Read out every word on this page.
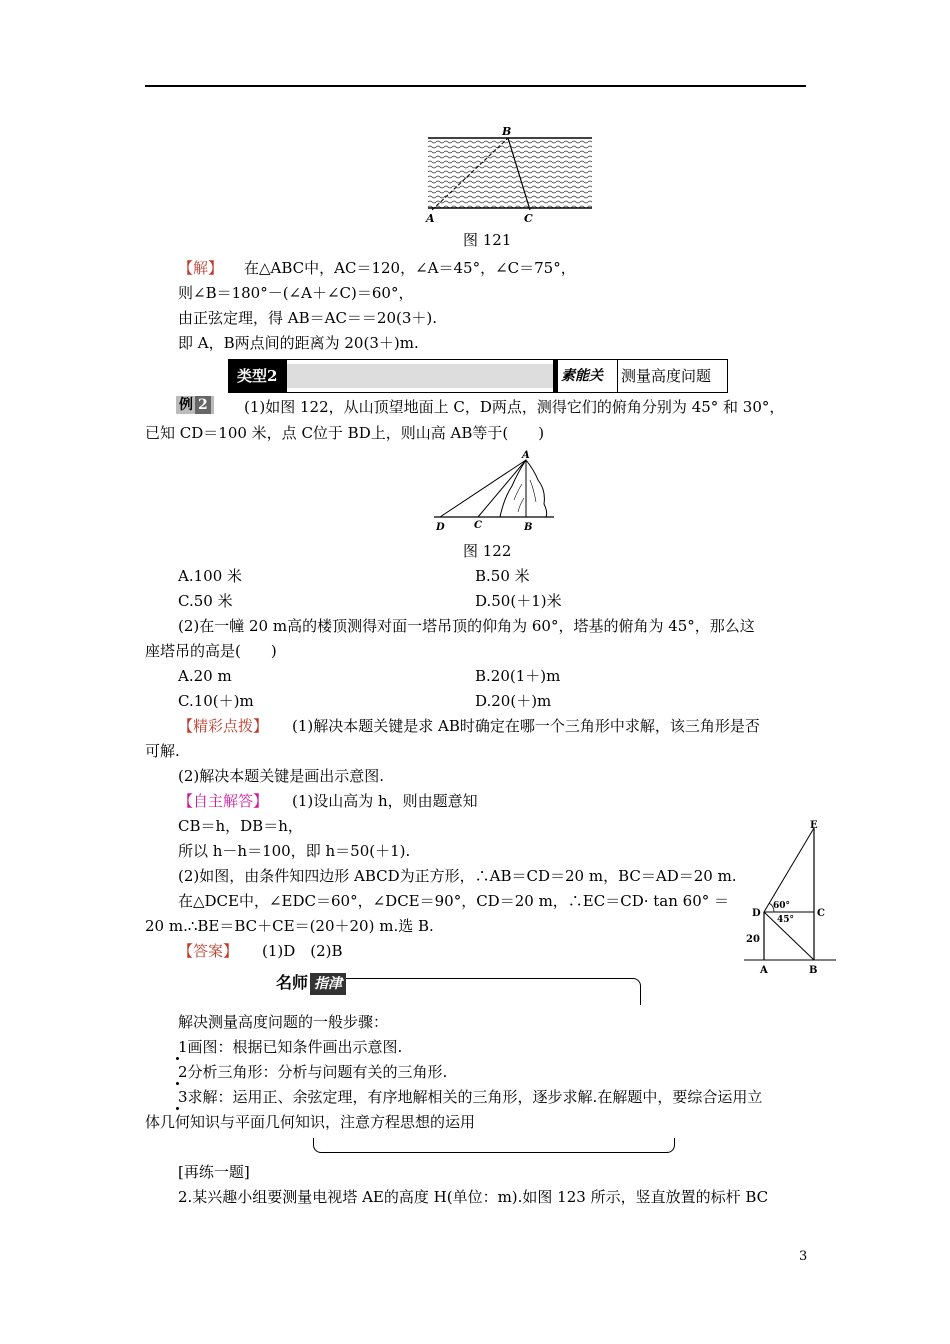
B
A	C
图 121
【解】 在△ABC中，AC＝120，∠A＝45°，∠C＝75°，
则∠B＝180°－(∠A＋∠C)＝60°，
由正弦定理，得 AB＝AC＝＝20(3＋).
即 A，B两点间的距离为 20(3＋)m.
类型2	素能关	测量高度问题
例 2	(1)如图 122，从山顶望地面上 C，D两点，测得它们的俯角分别为 45° 和 30°，
已知 CD＝100 米，点 C位于 BD上，则山高 AB等于(　　)
A
D	C	B
图 122
A.100 米	B.50 米
C.50 米	D.50(＋1)米
(2)在一幢 20 m高的楼顶测得对面一塔吊顶的仰角为 60°，塔基的俯角为 45°，那么这
座塔吊的高是(　　)
A.20 m	B.20(1＋)m
C.10(＋)m	D.20(＋)m
【精彩点拨】 (1)解决本题关键是求 AB时确定在哪一个三角形中求解，该三角形是否
可解.
(2)解决本题关键是画出示意图.
【自主解答】 (1)设山高为 h，则由题意知
CB＝h，DB＝h，
所以 h－h＝100，即 h＝50(＋1).
(2)如图，由条件知四边形 ABCD为正方形，∴AB＝CD＝20 m，BC＝AD＝20 m.
在△DCE中，∠EDC＝60°，∠DCE＝90°，CD＝20 m，∴EC＝CD· tan 60° ＝
20 m.∴BE＝BC＋CE＝(20＋20) m.选 B.
E
D	C
A	B
60°
45°
20
【答案】 (1)D　(2)B
名师 指津
解决测量高度问题的一般步骤：
1画图：根据已知条件画出示意图.
2分析三角形：分析与问题有关的三角形.
3求解：运用正、余弦定理，有序地解相关的三角形，逐步求解.在解题中，要综合运用立
体几何知识与平面几何知识，注意方程思想的运用
[再练一题]
2.某兴趣小组要测量电视塔 AE的高度 H(单位：m).如图 123 所示，竖直放置的标杆 BC
3
